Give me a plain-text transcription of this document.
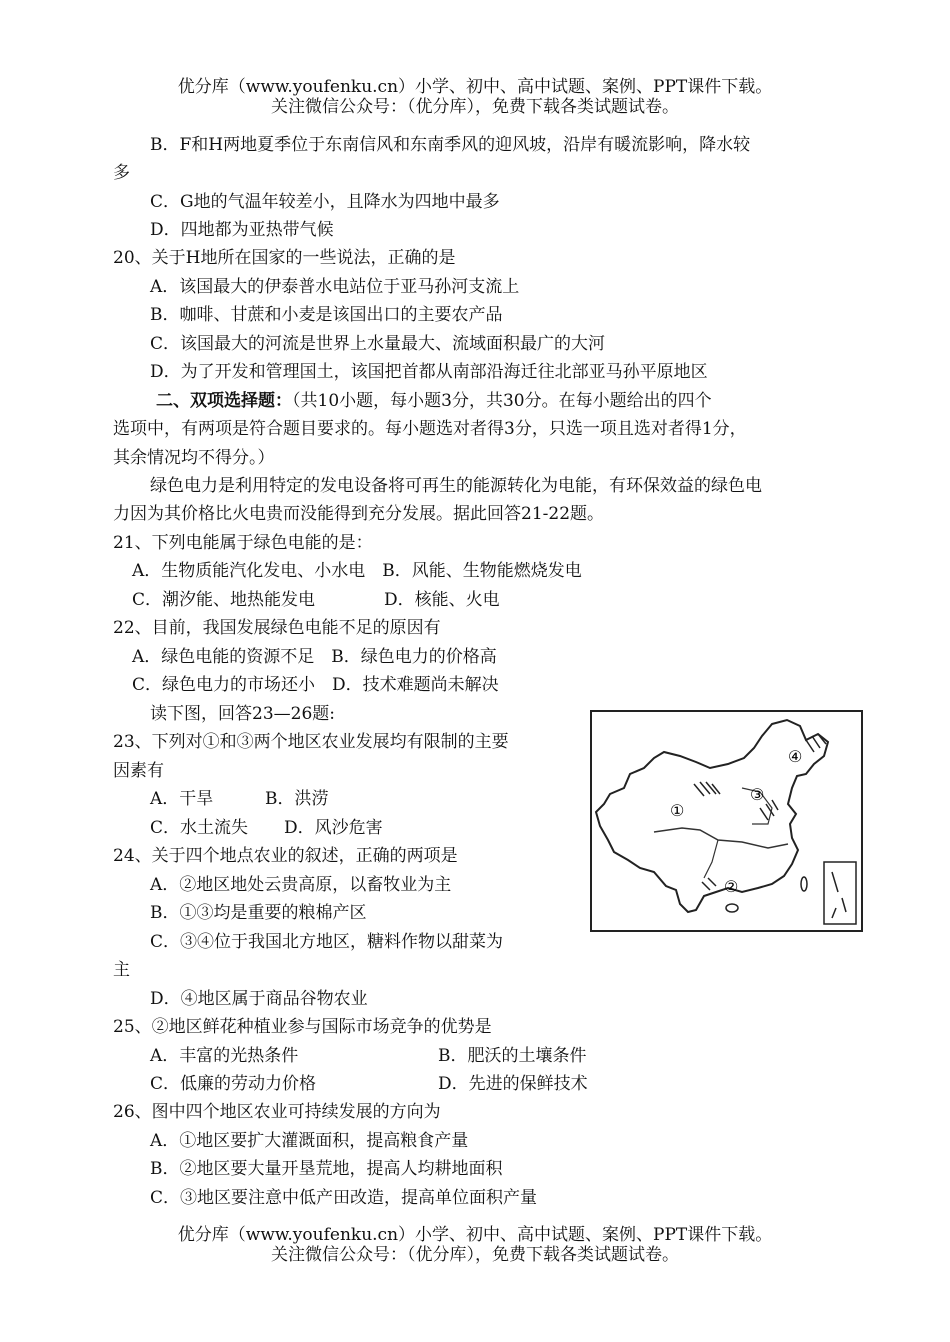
优分库（www.youfenku.cn）小学、初中、高中试题、案例、PPT课件下载。
关注微信公众号：（优分库），免费下载各类试题试卷。
B．F和H两地夏季位于东南信风和东南季风的迎风坡，沿岸有暖流影响，降水较
多
C．G地的气温年较差小，且降水为四地中最多
D．四地都为亚热带气候
20、关于H地所在国家的一些说法，正确的是
A．该国最大的伊泰普水电站位于亚马孙河支流上
B．咖啡、甘蔗和小麦是该国出口的主要农产品
C．该国最大的河流是世界上水量最大、流域面积最广的大河
D．为了开发和管理国土，该国把首都从南部沿海迁往北部亚马孙平原地区
二、双项选择题：（共10小题，每小题3分，共30分。在每小题给出的四个
选项中，有两项是符合题目要求的。每小题选对者得3分，只选一项且选对者得1分，
其余情况均不得分。）
绿色电力是利用特定的发电设备将可再生的能源转化为电能，有环保效益的绿色电
力因为其价格比火电贵而没能得到充分发展。据此回答21-22题。
21、下列电能属于绿色电能的是：
A．生物质能汽化发电、小水电　B．风能、生物能燃烧发电
C．潮汐能、地热能发电	D．核能、火电
22、目前，我国发展绿色电能不足的原因有
A．绿色电能的资源不足　B．绿色电力的价格高
C．绿色电力的市场还小　D．技术难题尚未解决
读下图，回答23—26题:
23、下列对①和③两个地区农业发展均有限制的主要
因素有
A．干旱	B．洪涝
C．水土流失 D．风沙危害
24、关于四个地点农业的叙述，正确的两项是
A．②地区地处云贵高原，以畜牧业为主
B．①③均是重要的粮棉产区
C．③④位于我国北方地区，糖料作物以甜菜为
主
D．④地区属于商品谷物农业
25、②地区鲜花种植业参与国际市场竞争的优势是
A．丰富的光热条件	B．肥沃的土壤条件
C．低廉的劳动力价格	D．先进的保鲜技术
26、图中四个地区农业可持续发展的方向为
A．①地区要扩大灌溉面积，提高粮食产量
B．②地区要大量开垦荒地，提高人均耕地面积
C．③地区要注意中低产田改造，提高单位面积产量
①
②
③
④
优分库（www.youfenku.cn）小学、初中、高中试题、案例、PPT课件下载。
关注微信公众号：（优分库），免费下载各类试题试卷。
